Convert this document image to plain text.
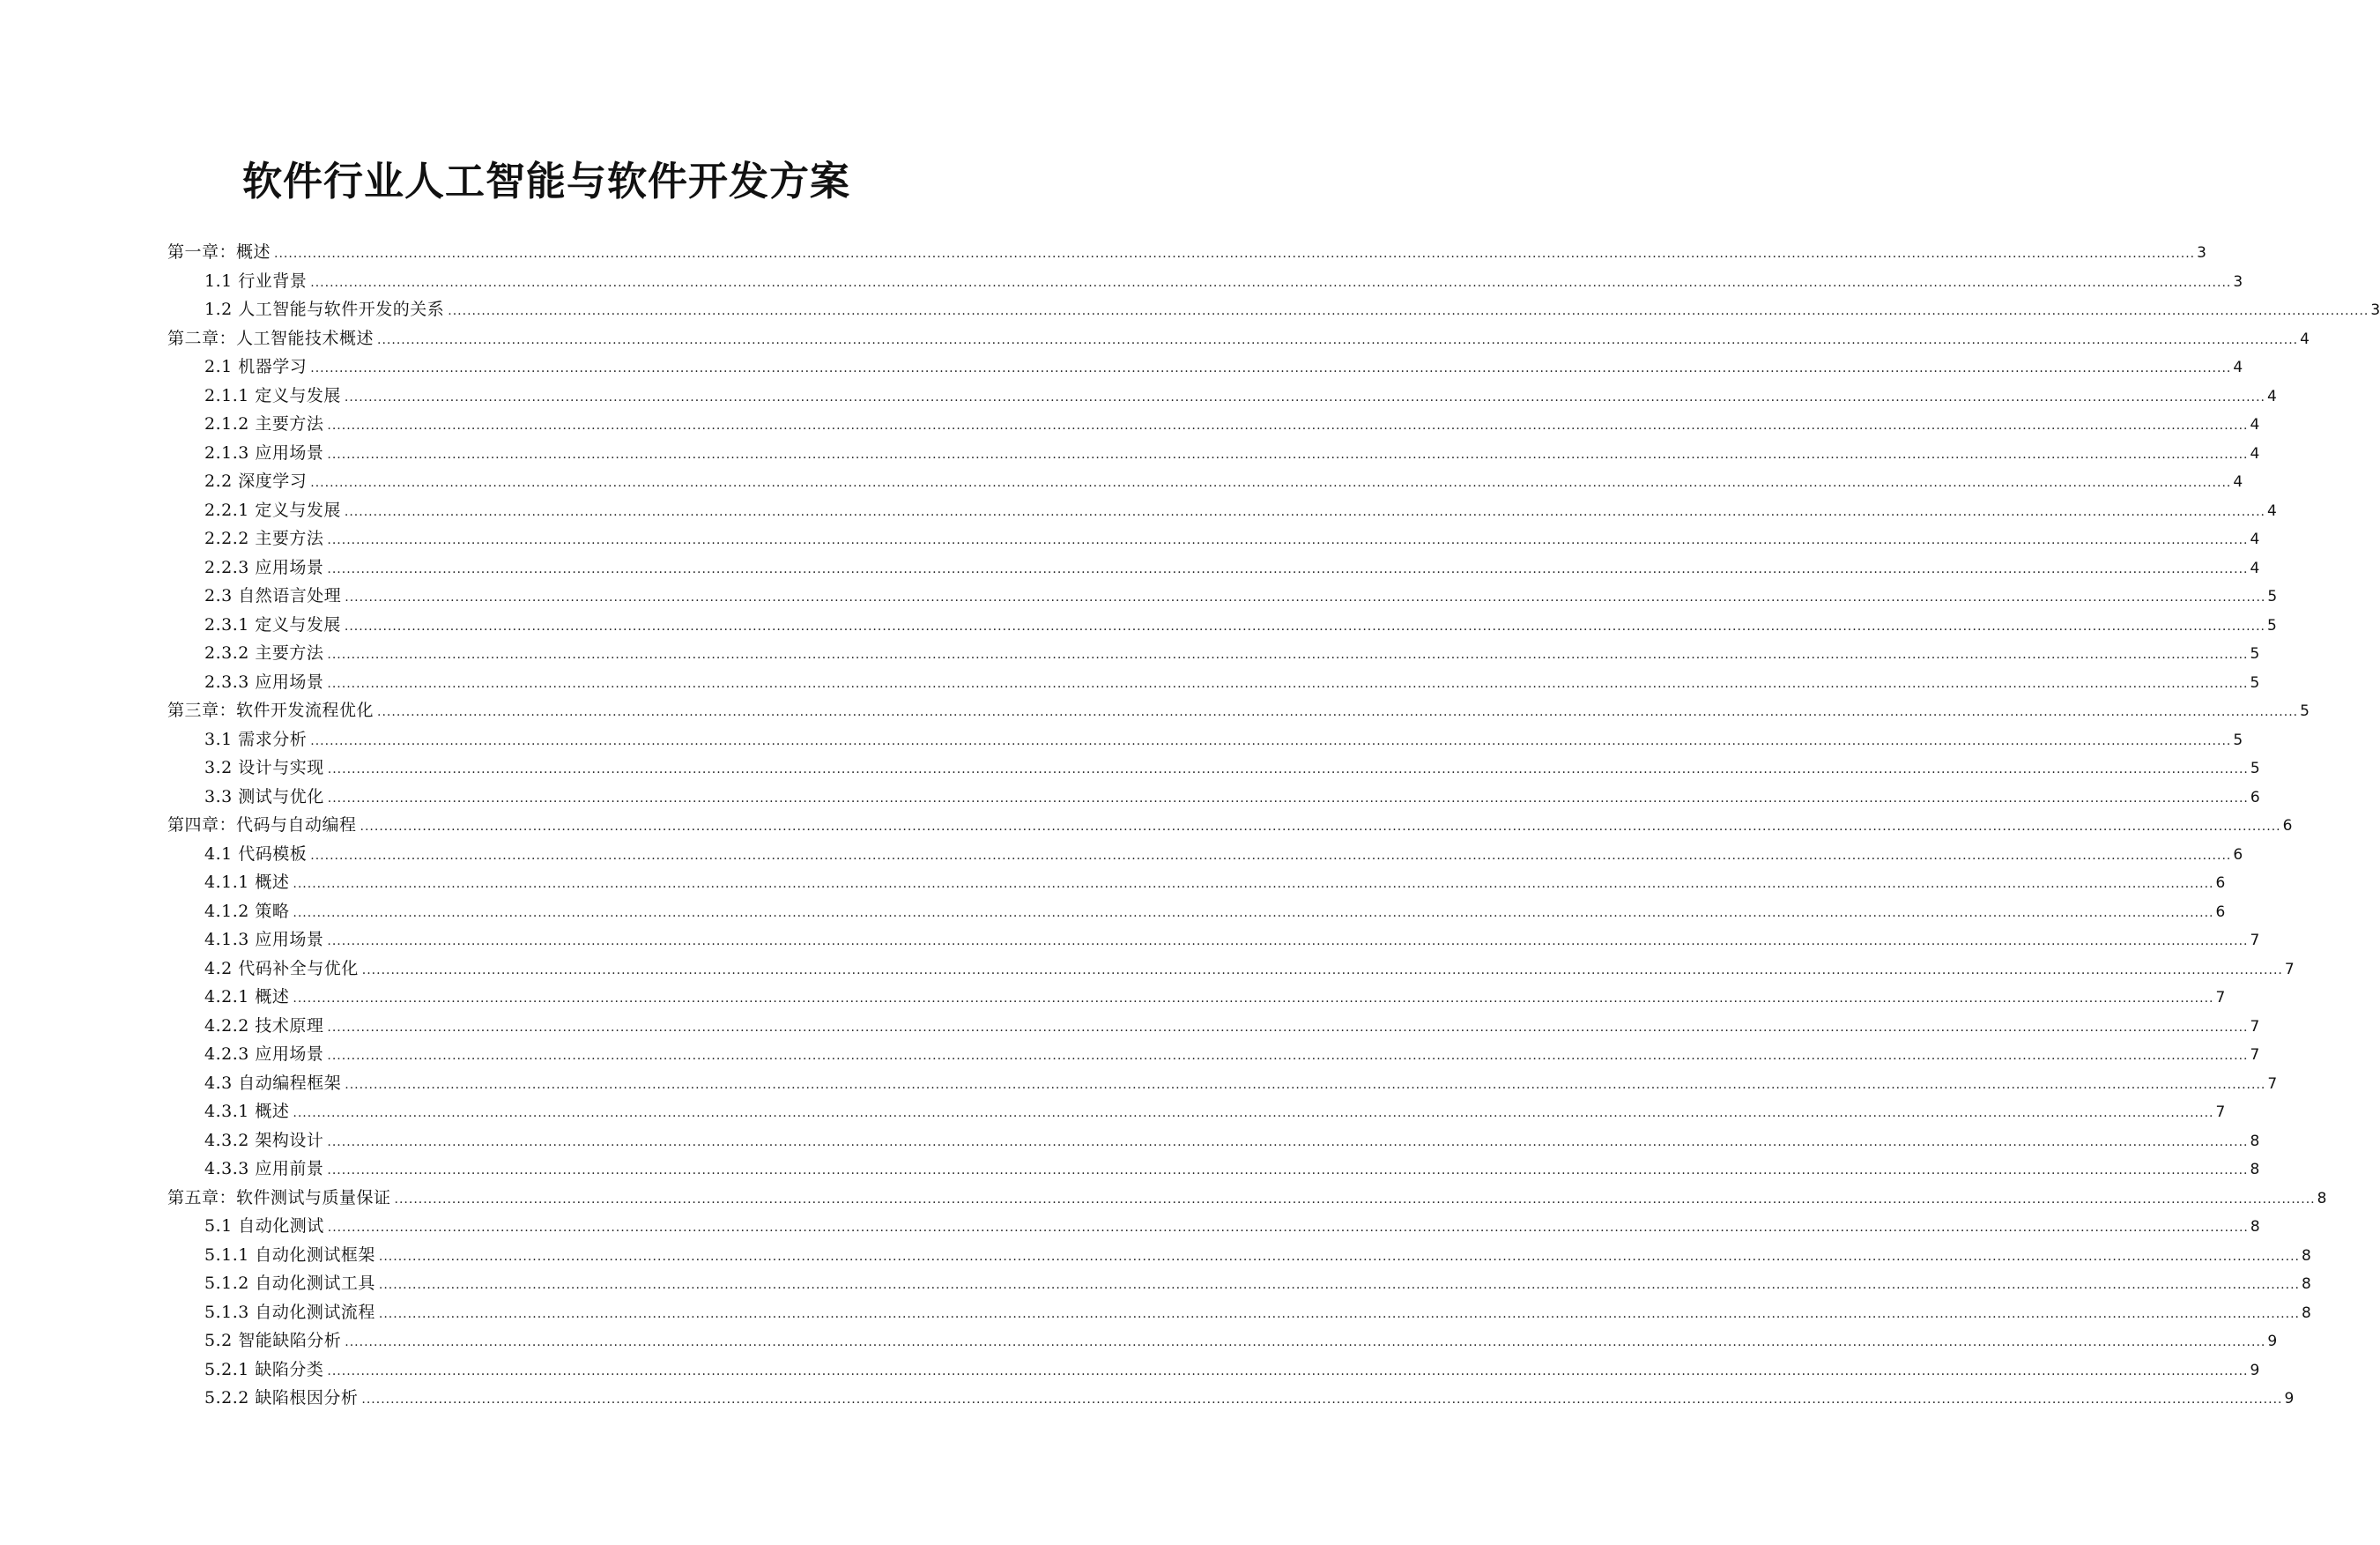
软件行业人工智能与软件开发方案
第一章：概述 ................................................................................................................................................................................................................................................................................................................................................................................................................ 3
1.1 行业背景 ................................................................................................................................................................................................................................................................................................................................................................................................................ 3
1.2 人工智能与软件开发的关系 ................................................................................................................................................................................................................................................................................................................................................................................................................ 3
第二章：人工智能技术概述 ................................................................................................................................................................................................................................................................................................................................................................................................................ 4
2.1 机器学习 ................................................................................................................................................................................................................................................................................................................................................................................................................ 4
2.1.1 定义与发展 ................................................................................................................................................................................................................................................................................................................................................................................................................ 4
2.1.2 主要方法 ................................................................................................................................................................................................................................................................................................................................................................................................................ 4
2.1.3 应用场景 ................................................................................................................................................................................................................................................................................................................................................................................................................ 4
2.2 深度学习 ................................................................................................................................................................................................................................................................................................................................................................................................................ 4
2.2.1 定义与发展 ................................................................................................................................................................................................................................................................................................................................................................................................................ 4
2.2.2 主要方法 ................................................................................................................................................................................................................................................................................................................................................................................................................ 4
2.2.3 应用场景 ................................................................................................................................................................................................................................................................................................................................................................................................................ 4
2.3 自然语言处理 ................................................................................................................................................................................................................................................................................................................................................................................................................ 5
2.3.1 定义与发展 ................................................................................................................................................................................................................................................................................................................................................................................................................ 5
2.3.2 主要方法 ................................................................................................................................................................................................................................................................................................................................................................................................................ 5
2.3.3 应用场景 ................................................................................................................................................................................................................................................................................................................................................................................................................ 5
第三章：软件开发流程优化 ................................................................................................................................................................................................................................................................................................................................................................................................................ 5
3.1 需求分析 ................................................................................................................................................................................................................................................................................................................................................................................................................ 5
3.2 设计与实现 ................................................................................................................................................................................................................................................................................................................................................................................................................ 5
3.3 测试与优化 ................................................................................................................................................................................................................................................................................................................................................................................................................ 6
第四章：代码与自动编程 ................................................................................................................................................................................................................................................................................................................................................................................................................ 6
4.1 代码模板 ................................................................................................................................................................................................................................................................................................................................................................................................................ 6
4.1.1 概述 ................................................................................................................................................................................................................................................................................................................................................................................................................ 6
4.1.2 策略 ................................................................................................................................................................................................................................................................................................................................................................................................................ 6
4.1.3 应用场景 ................................................................................................................................................................................................................................................................................................................................................................................................................ 7
4.2 代码补全与优化 ................................................................................................................................................................................................................................................................................................................................................................................................................ 7
4.2.1 概述 ................................................................................................................................................................................................................................................................................................................................................................................................................ 7
4.2.2 技术原理 ................................................................................................................................................................................................................................................................................................................................................................................................................ 7
4.2.3 应用场景 ................................................................................................................................................................................................................................................................................................................................................................................................................ 7
4.3 自动编程框架 ................................................................................................................................................................................................................................................................................................................................................................................................................ 7
4.3.1 概述 ................................................................................................................................................................................................................................................................................................................................................................................................................ 7
4.3.2 架构设计 ................................................................................................................................................................................................................................................................................................................................................................................................................ 8
4.3.3 应用前景 ................................................................................................................................................................................................................................................................................................................................................................................................................ 8
第五章：软件测试与质量保证 ................................................................................................................................................................................................................................................................................................................................................................................................................ 8
5.1 自动化测试 ................................................................................................................................................................................................................................................................................................................................................................................................................ 8
5.1.1 自动化测试框架 ................................................................................................................................................................................................................................................................................................................................................................................................................ 8
5.1.2 自动化测试工具 ................................................................................................................................................................................................................................................................................................................................................................................................................ 8
5.1.3 自动化测试流程 ................................................................................................................................................................................................................................................................................................................................................................................................................ 8
5.2 智能缺陷分析 ................................................................................................................................................................................................................................................................................................................................................................................................................ 9
5.2.1 缺陷分类 ................................................................................................................................................................................................................................................................................................................................................................................................................ 9
5.2.2 缺陷根因分析 ................................................................................................................................................................................................................................................................................................................................................................................................................ 9
